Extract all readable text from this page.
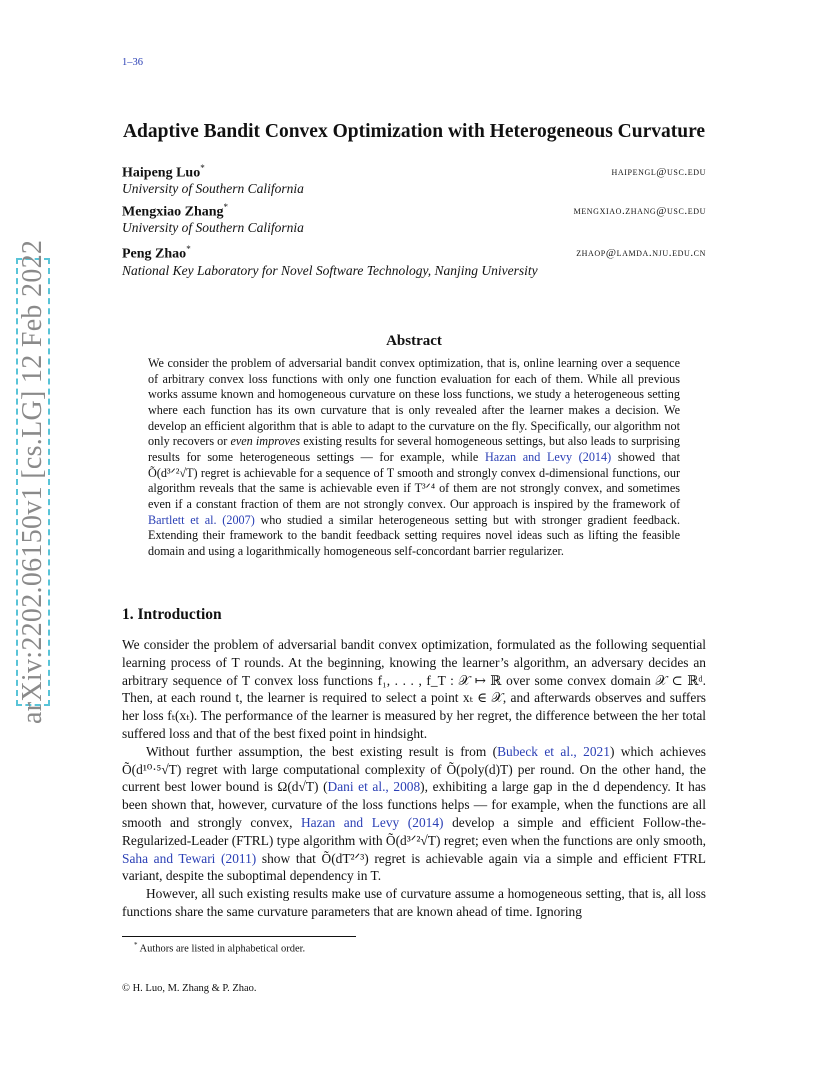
1–36
arXiv:2202.06150v1 [cs.LG] 12 Feb 2022
Adaptive Bandit Convex Optimization with Heterogeneous Curvature
Haipeng Luo*	haipengl@usc.edu
University of Southern California
Mengxiao Zhang*	mengxiao.zhang@usc.edu
University of Southern California
Peng Zhao*	zhaop@lamda.nju.edu.cn
National Key Laboratory for Novel Software Technology, Nanjing University
Abstract

We consider the problem of adversarial bandit convex optimization, that is, online learning over a sequence of arbitrary convex loss functions with only one function evaluation for each of them. While all previous works assume known and homogeneous curvature on these loss functions, we study a heterogeneous setting where each function has its own curvature that is only revealed after the learner makes a decision. We develop an efficient algorithm that is able to adapt to the curvature on the fly. Specifically, our algorithm not only recovers or even improves existing results for several homogeneous settings, but also leads to surprising results for some heterogeneous settings — for example, while Hazan and Levy (2014) showed that Õ(d³ᐟ²√T) regret is achievable for a sequence of T smooth and strongly convex d-dimensional functions, our algorithm reveals that the same is achievable even if T³ᐟ⁴ of them are not strongly convex, and sometimes even if a constant fraction of them are not strongly convex. Our approach is inspired by the framework of Bartlett et al. (2007) who studied a similar heterogeneous setting but with stronger gradient feedback. Extending their framework to the bandit feedback setting requires novel ideas such as lifting the feasible domain and using a logarithmically homogeneous self-concordant barrier regularizer.

1. Introduction

We consider the problem of adversarial bandit convex optimization, formulated as the following sequential learning process of T rounds. At the beginning, knowing the learner’s algorithm, an adversary decides an arbitrary sequence of T convex loss functions f₁, . . . , f_T : 𝒳 ↦ ℝ over some convex domain 𝒳 ⊂ ℝᵈ. Then, at each round t, the learner is required to select a point xₜ ∈ 𝒳, and afterwards observes and suffers her loss fₜ(xₜ). The performance of the learner is measured by her regret, the difference between the her total suffered loss and that of the best fixed point in hindsight.

Without further assumption, the best existing result is from (Bubeck et al., 2021) which achieves Õ(d¹⁰·⁵√T) regret with large computational complexity of Õ(poly(d)T) per round. On the other hand, the current best lower bound is Ω(d√T) (Dani et al., 2008), exhibiting a large gap in the d dependency. It has been shown that, however, curvature of the loss functions helps — for example, when the functions are all smooth and strongly convex, Hazan and Levy (2014) develop a simple and efficient Follow-the-Regularized-Leader (FTRL) type algorithm with Õ(d³ᐟ²√T) regret; even when the functions are only smooth, Saha and Tewari (2011) show that Õ(dT²ᐟ³) regret is achievable again via a simple and efficient FTRL variant, despite the suboptimal dependency in T.

However, all such existing results make use of curvature assume a homogeneous setting, that is, all loss functions share the same curvature parameters that are known ahead of time. Ignoring

* Authors are listed in alphabetical order.
© H. Luo, M. Zhang & P. Zhao.
